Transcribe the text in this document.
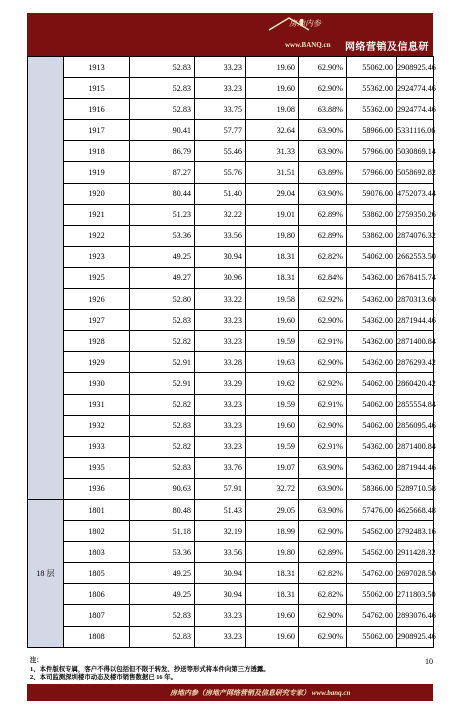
房地内参
www.BANQ.cn 网络营销及信息研究专家
	1913	52.83	33.23	19.60	62.90%	55062.00	2908925.46
	1915	52.83	33.23	19.60	62.90%	55362.00	2924774.46
	1916	52.83	33.75	19.08	63.88%	55362.00	2924774.46
	1917	90.41	57.77	32.64	63.90%	58966.00	5331116.06
	1918	86.79	55.46	31.33	63.90%	57966.00	5030869.14
	1919	87.27	55.76	31.51	63.89%	57966.00	5058692.82
	1920	80.44	51.40	29.04	63.90%	59076.00	4752073.44
	1921	51.23	32.22	19.01	62.89%	53862.00	2759350.26
	1922	53.36	33.56	19.80	62.89%	53862.00	2874076.32
	1923	49.25	30.94	18.31	62.82%	54062.00	2662553.50
	1925	49.27	30.96	18.31	62.84%	54362.00	2678415.74
	1926	52.80	33.22	19.58	62.92%	54362.00	2870313.60
	1927	52.83	33.23	19.60	62.90%	54362.00	2871944.46
	1928	52.82	33.23	19.59	62.91%	54362.00	2871400.84
	1929	52.91	33.28	19.63	62.90%	54362.00	2876293.42
	1930	52.91	33.29	19.62	62.92%	54062.00	2860420.42
	1931	52.82	33.23	19.59	62.91%	54062.00	2855554.84
	1932	52.83	33.23	19.60	62.90%	54062.00	2856095.46
	1933	52.82	33.23	19.59	62.91%	54362.00	2871400.84
	1935	52.83	33.76	19.07	63.90%	54362.00	2871944.46
	1936	90.63	57.91	32.72	63.90%	58366.00	5289710.58
18 层	1801	80.48	51.43	29.05	63.90%	57476.00	4625668.48
	1802	51.18	32.19	18.99	62.90%	54562.00	2792483.16
	1803	53.36	33.56	19.80	62.89%	54562.00	2911428.32
	1805	49.25	30.94	18.31	62.82%	54762.00	2697028.50
	1806	49.25	30.94	18.31	62.82%	55062.00	2711803.50
	1807	52.83	33.23	19.60	62.90%	54762.00	2893076.46
	1808	52.83	33.23	19.60	62.90%	55062.00	2908925.46
注：
1、本件版权专属，客户不得以包括但不限于转发、抄送等形式将本件向第三方透露。
2、本司监测深圳楼市动态及楼市销售数据已 16 年。
10
房地内参（房地产网络营销及信息研究专家） www.banq.cn
